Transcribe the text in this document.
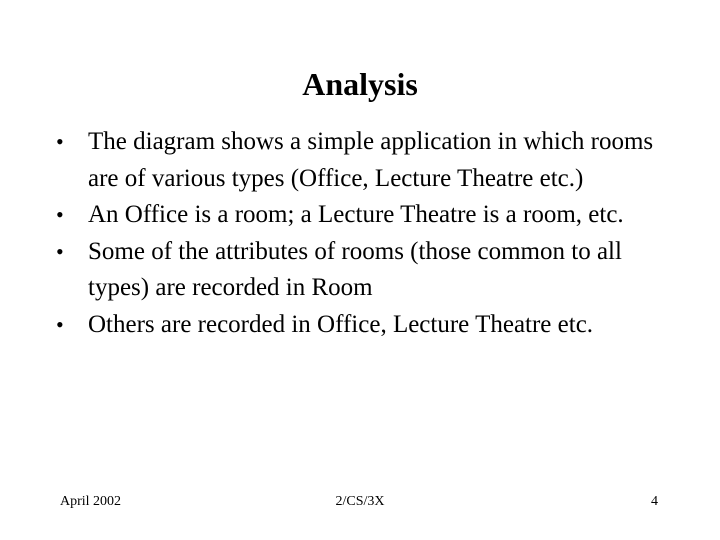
Analysis
• The diagram shows a simple application in which rooms are of various types (Office, Lecture Theatre etc.)
• An Office is a room; a Lecture Theatre is a room, etc.
• Some of the attributes of rooms (those common to all types) are recorded in Room
• Others are recorded in Office, Lecture Theatre etc.
April 2002	2/CS/3X	4
